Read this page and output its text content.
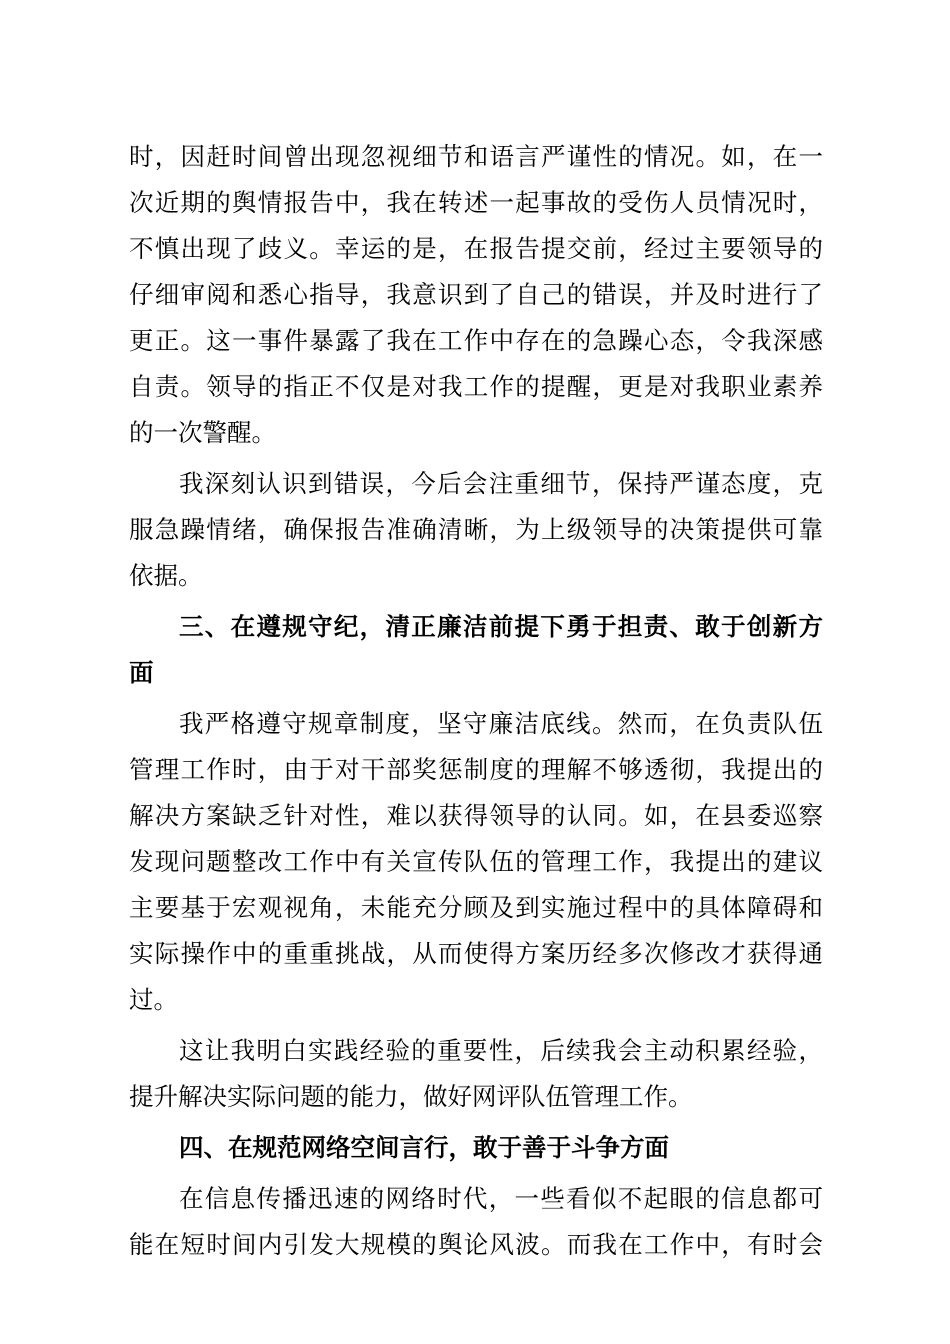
时，因赶时间曾出现忽视细节和语言严谨性的情况。如，在一
次近期的舆情报告中，我在转述一起事故的受伤人员情况时，
不慎出现了歧义。幸运的是，在报告提交前，经过主要领导的
仔细审阅和悉心指导，我意识到了自己的错误，并及时进行了
更正。这一事件暴露了我在工作中存在的急躁心态，令我深感
自责。领导的指正不仅是对我工作的提醒，更是对我职业素养
的一次警醒。
我深刻认识到错误，今后会注重细节，保持严谨态度，克
服急躁情绪，确保报告准确清晰，为上级领导的决策提供可靠
依据。
三、在遵规守纪，清正廉洁前提下勇于担责、敢于创新方
面
我严格遵守规章制度，坚守廉洁底线。然而，在负责队伍
管理工作时，由于对干部奖惩制度的理解不够透彻，我提出的
解决方案缺乏针对性，难以获得领导的认同。如，在县委巡察
发现问题整改工作中有关宣传队伍的管理工作，我提出的建议
主要基于宏观视角，未能充分顾及到实施过程中的具体障碍和
实际操作中的重重挑战，从而使得方案历经多次修改才获得通
过。
这让我明白实践经验的重要性，后续我会主动积累经验，
提升解决实际问题的能力，做好网评队伍管理工作。
四、在规范网络空间言行，敢于善于斗争方面
在信息传播迅速的网络时代，一些看似不起眼的信息都可
能在短时间内引发大规模的舆论风波。而我在工作中，有时会
